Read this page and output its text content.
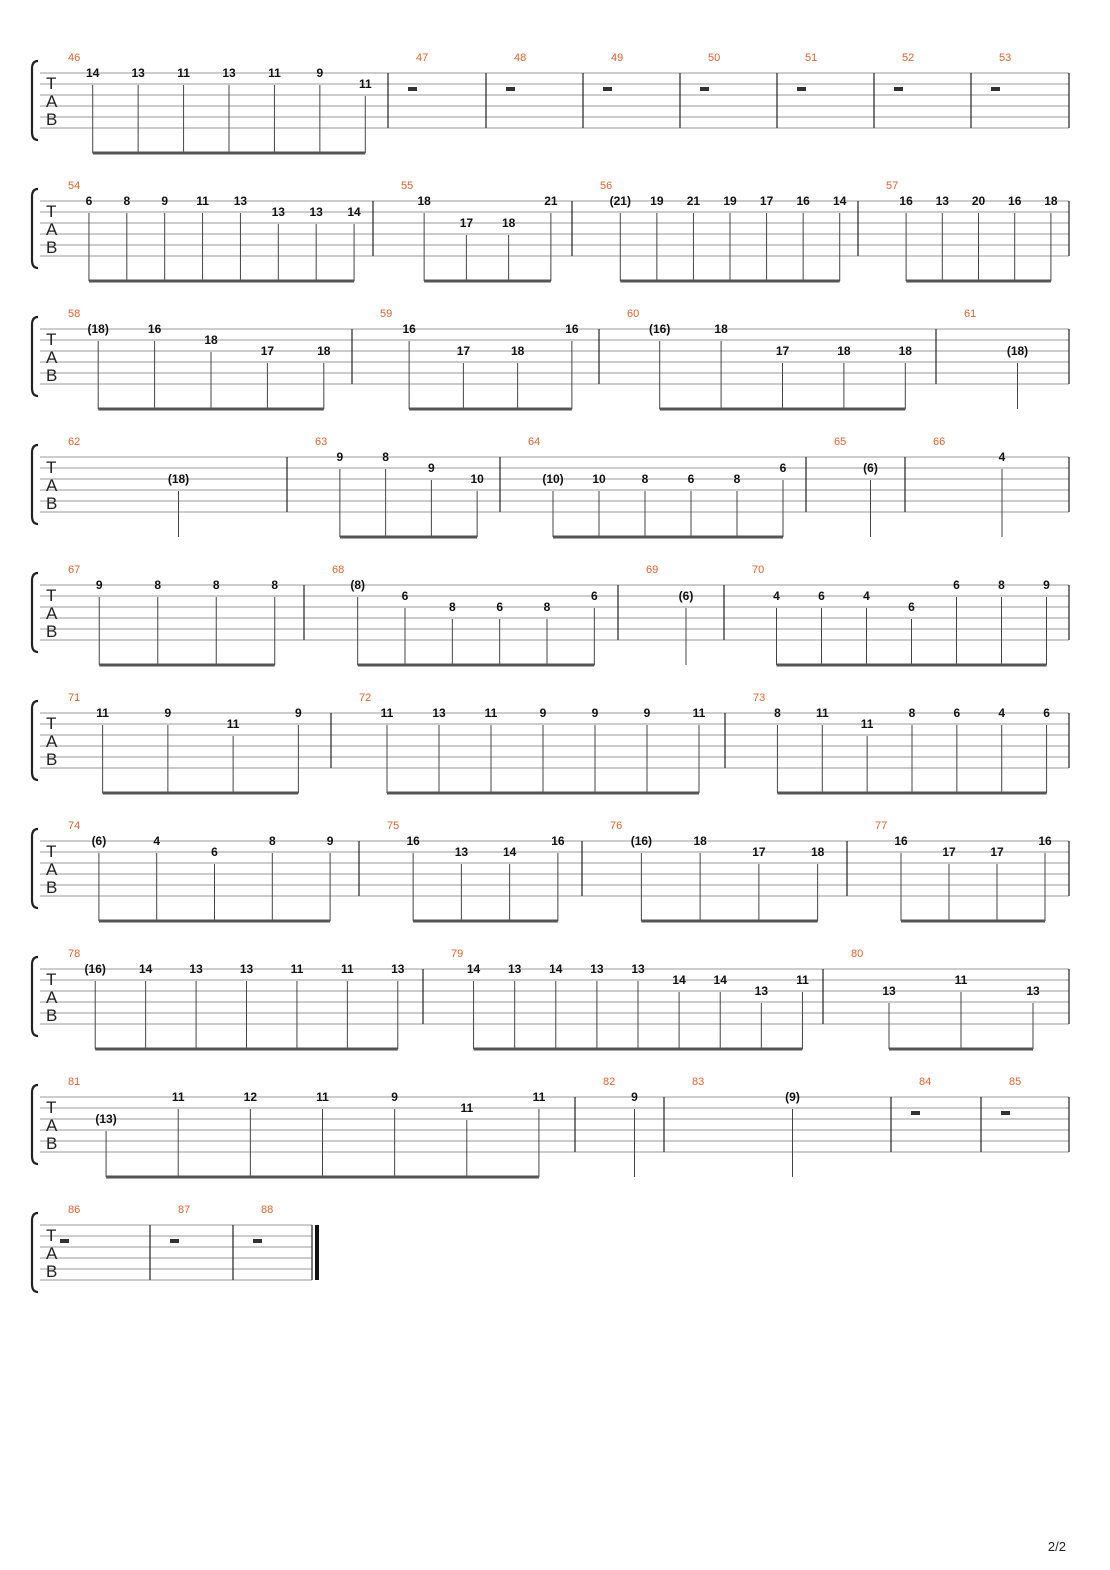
T
A
B
46
14	13	11	13	11	9
11
47	48	49	50	51	52	53
T
A
B
54
6	8	9 11 13
13 13 14
55
18
17 18
21
56
(21) 19 21 19 17 16 14
57
16 13 20 16 18
T
A
B
58
(18)	16
18
17	18
59
16
17	18
16
60
(16)	18
17	18	18
61
(18)
T
A
B
62
(18)
63
9	8
9
10
64
(10) 10	8	6	8
6
65
(6)
66
4
T
A
B
67
9	8	8	8
68
(8)
6
8	6	8
6
69
(6)
70
4	6	4
6
6	8	9
T
A
B
71
11	9
11
9
72
11	13	11	9	9	9	11
73
8	11
11
8	6	4	6
T
A
B
74
(6)	4
6
8	9
75
16
13	14
16
76
(16)	18
17	18
77
16
17	17
16
T
A
B
78
(16)	14	13	13	11	11	13
79
14 13 14 13 13
14 14
13
11
80
13
11
13
T
A
B
81
(13)
11	12	11	9
11
11
82
9
83
(9)
84	85
T
A
B
86	87	88
2/2
